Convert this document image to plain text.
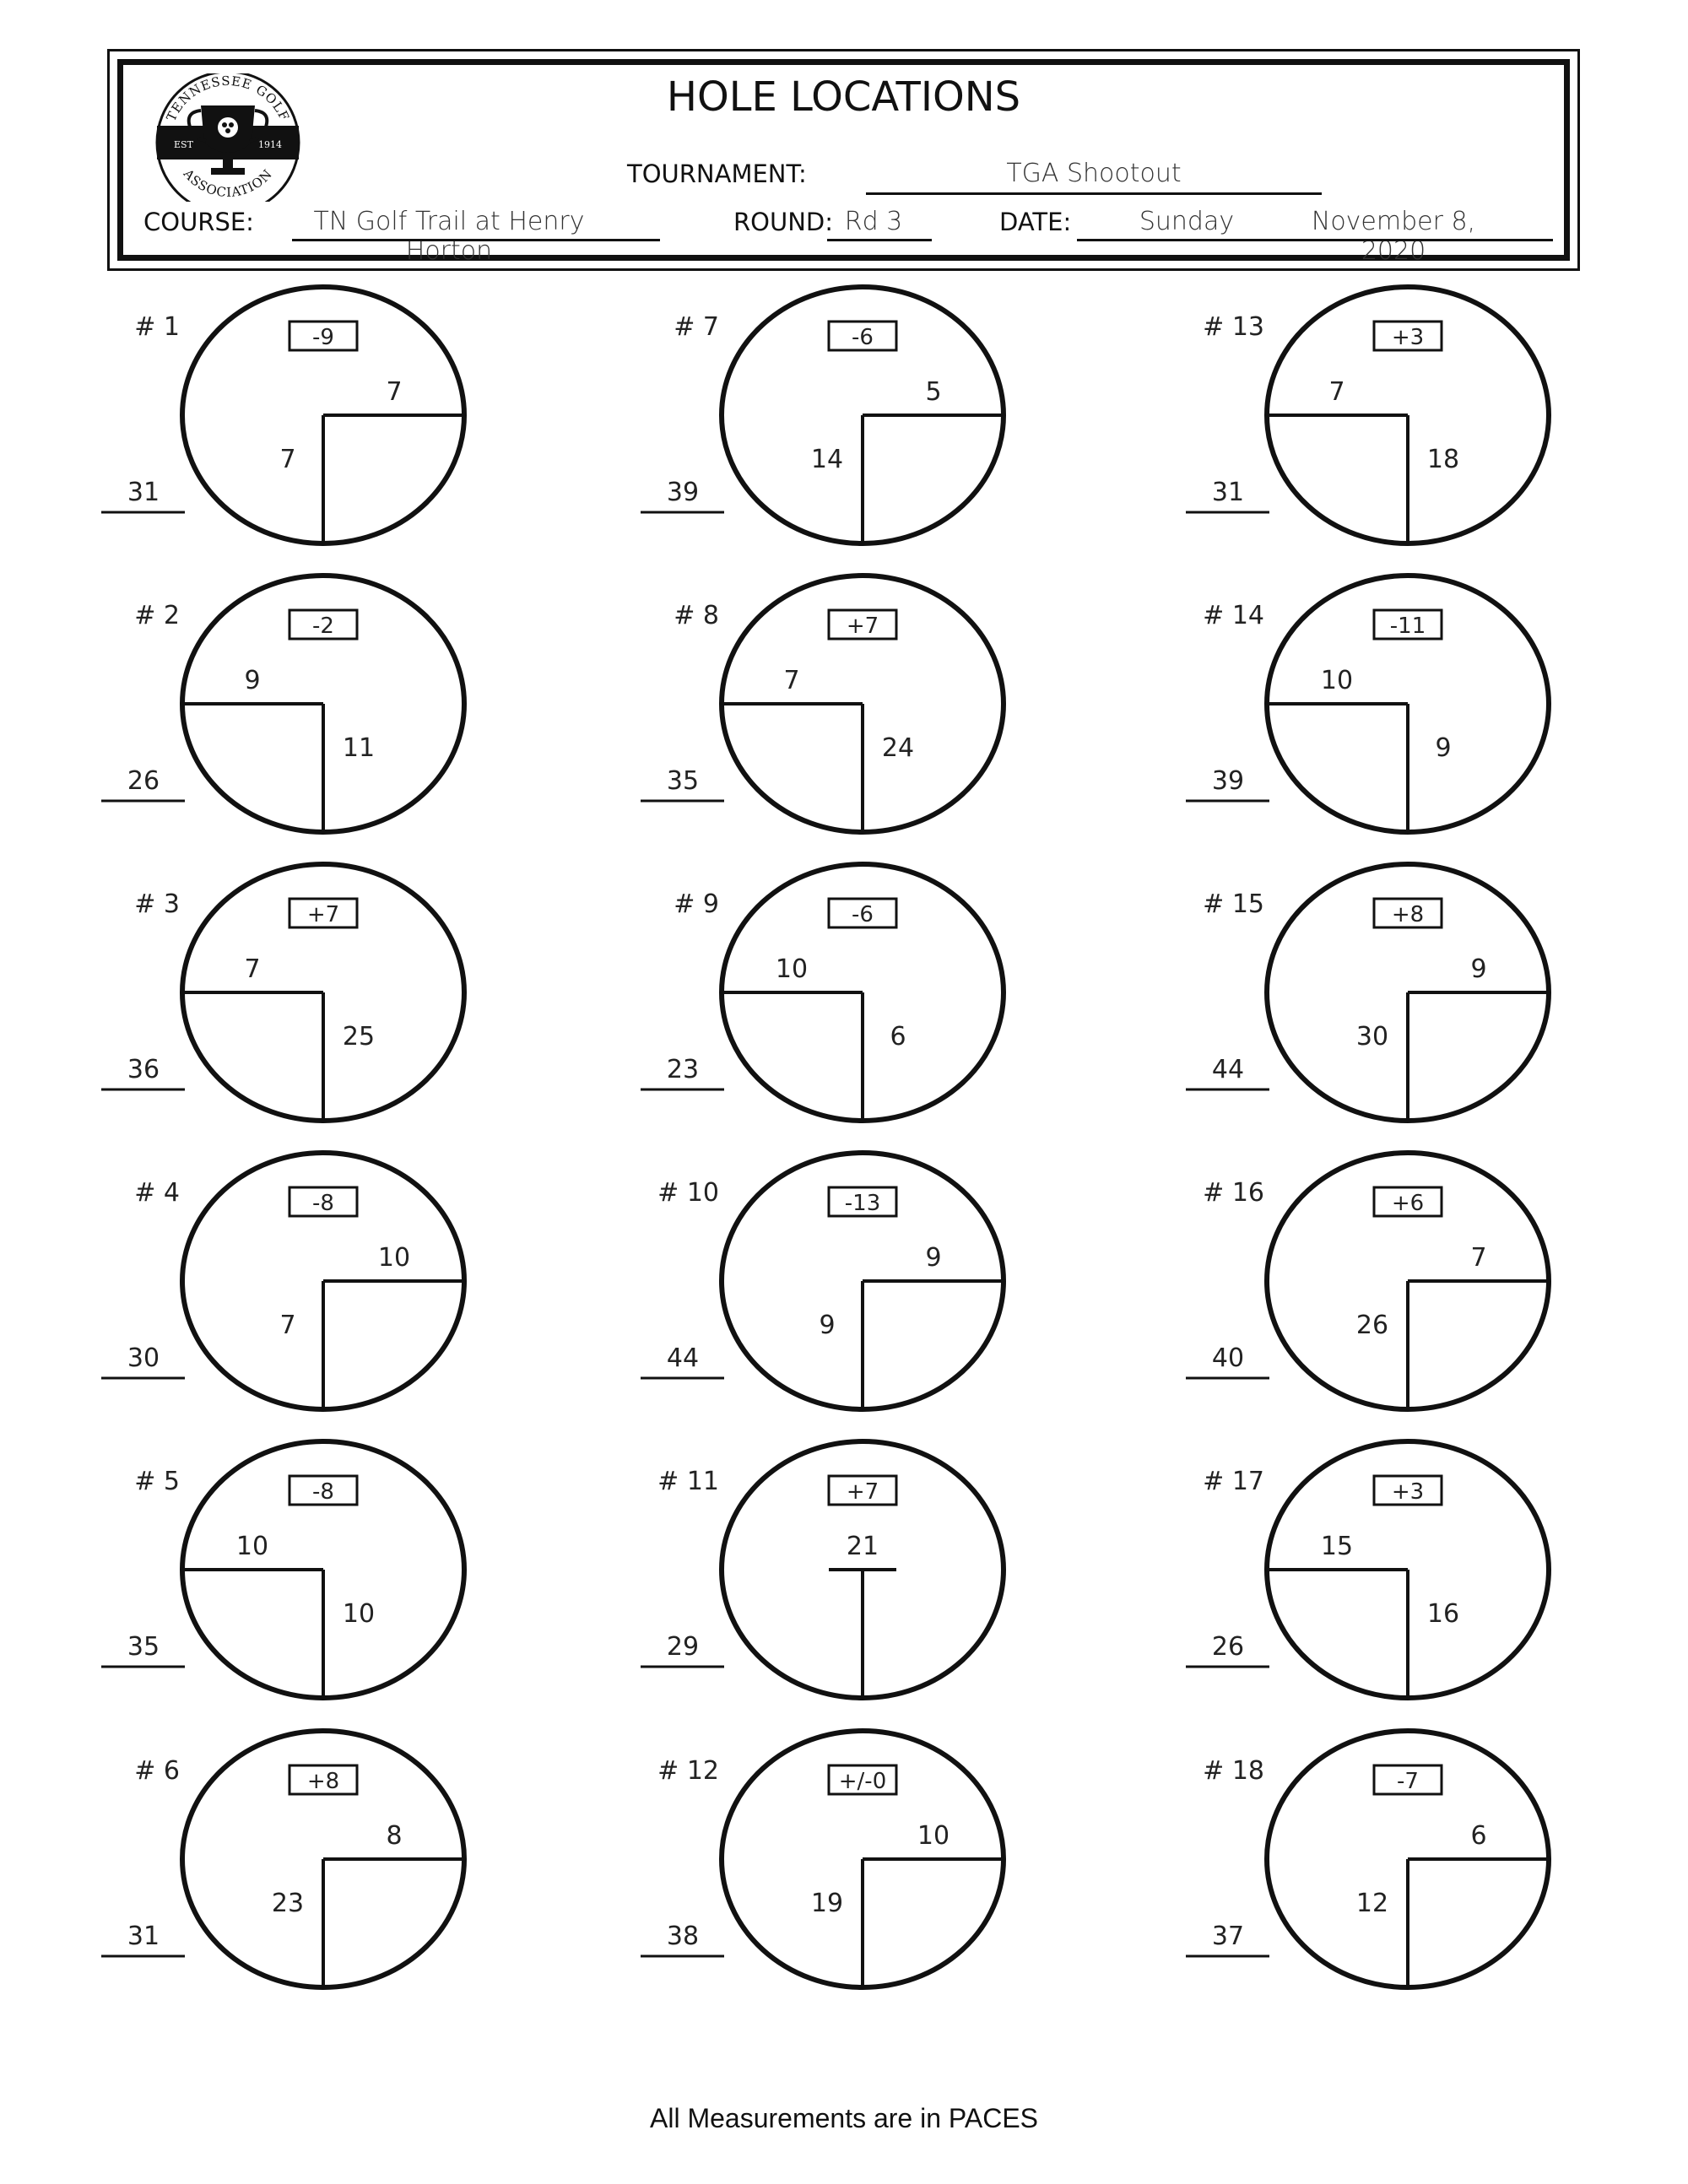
TENNESSEE GOLF
ASSOCIATION
EST	1914
HOLE LOCATIONS
TOURNAMENT:	TGA Shootout
COURSE:	TN Golf Trail at Henry Horton
ROUND: Rd 3	DATE:	Sunday	November 8, 2020
# 1	-9
31
7
7
# 2	-2
26
9
11
# 3	+7
36
7
25
# 4	-8
30
10
7
# 5	-8
35
10
10
# 6	+8
31
8
23
# 7	-6
39
5
14
# 8	+7
35
7
24
# 9	-6
23
10
6
# 10	-13
44
9
9
# 11	+7
29
21
# 12	+/-0
38
10
19
# 13	+3
31
7
18
# 14	-11
39
10
9
# 15	+8
44
9
30
# 16	+6
40
7
26
# 17	+3
26
15
16
# 18	-7
37
6
12
All Measurements are in PACES
